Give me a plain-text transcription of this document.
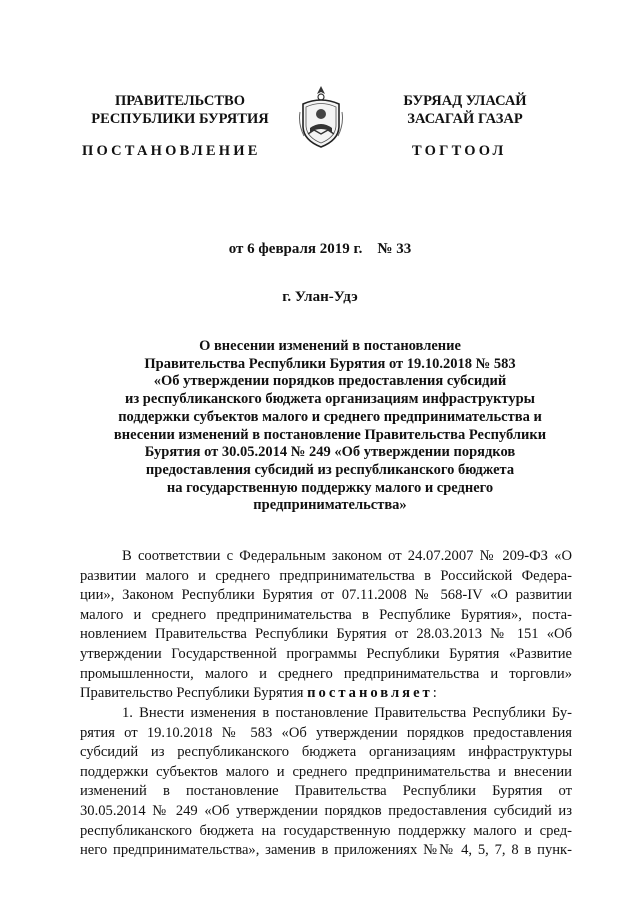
ПРАВИТЕЛЬСТВО
РЕСПУБЛИКИ БУРЯТИЯ
БУРЯАД УЛАСАЙ
ЗАСАГАЙ ГАЗАР
ПОСТАНОВЛЕНИЕ	ТОГТООЛ
от 6 февраля 2019 г. № 33
г. Улан-Удэ
О внесении изменений в постановление
Правительства Республики Бурятия от 19.10.2018 № 583
«Об утверждении порядков предоставления субсидий
из республиканского бюджета организациям инфраструктуры
поддержки субъектов малого и среднего предпринимательства и
внесении изменений в постановление Правительства Республики
Бурятия от 30.05.2014 № 249 «Об утверждении порядков
предоставления субсидий из республиканского бюджета
на государственную поддержку малого и среднего
предпринимательства»
В соответствии с Федеральным законом от 24.07.2007 № 209-ФЗ «О
развитии малого и среднего предпринимательства в Российской Федера-
ции», Законом Республики Бурятия от 07.11.2008 № 568-IV «О развитии
малого и среднего предпринимательства в Республике Бурятия», поста-
новлением Правительства Республики Бурятия от 28.03.2013 № 151 «Об
утверждении Государственной программы Республики Бурятия «Развитие
промышленности, малого и среднего предпринимательства и торговли»
Правительство Республики Бурятия постановляет:
1. Внести изменения в постановление Правительства Республики Бу-
рятия от 19.10.2018 № 583 «Об утверждении порядков предоставления
субсидий из республиканского бюджета организациям инфраструктуры
поддержки субъектов малого и среднего предпринимательства и внесении
изменений в постановление Правительства Республики Бурятия от
30.05.2014 № 249 «Об утверждении порядков предоставления субсидий из
республиканского бюджета на государственную поддержку малого и сред-
него предпринимательства», заменив в приложениях №№ 4, 5, 7, 8 в пунк-
